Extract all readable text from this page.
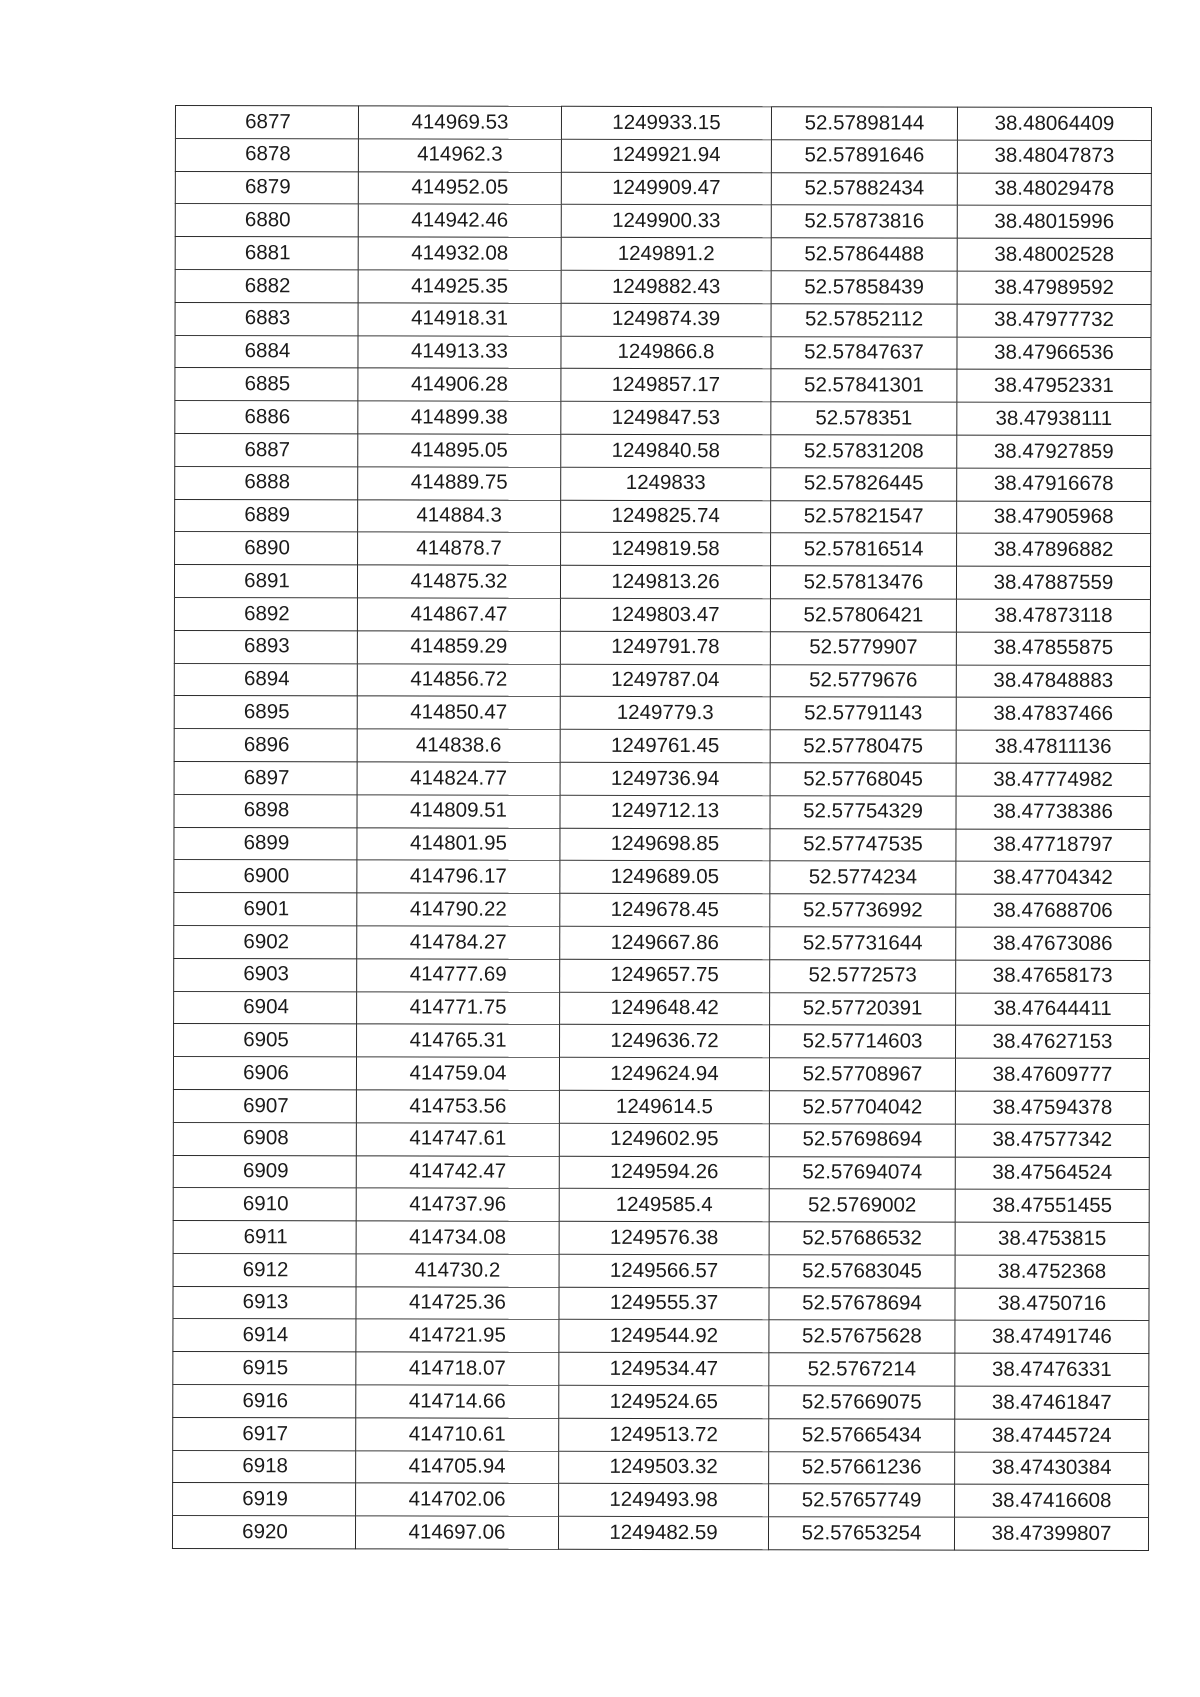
6877	414969.53	1249933.15	52.57898144	38.48064409
6878	414962.3	1249921.94	52.57891646	38.48047873
6879	414952.05	1249909.47	52.57882434	38.48029478
6880	414942.46	1249900.33	52.57873816	38.48015996
6881	414932.08	1249891.2	52.57864488	38.48002528
6882	414925.35	1249882.43	52.57858439	38.47989592
6883	414918.31	1249874.39	52.57852112	38.47977732
6884	414913.33	1249866.8	52.57847637	38.47966536
6885	414906.28	1249857.17	52.57841301	38.47952331
6886	414899.38	1249847.53	52.578351	38.47938111
6887	414895.05	1249840.58	52.57831208	38.47927859
6888	414889.75	1249833	52.57826445	38.47916678
6889	414884.3	1249825.74	52.57821547	38.47905968
6890	414878.7	1249819.58	52.57816514	38.47896882
6891	414875.32	1249813.26	52.57813476	38.47887559
6892	414867.47	1249803.47	52.57806421	38.47873118
6893	414859.29	1249791.78	52.5779907	38.47855875
6894	414856.72	1249787.04	52.5779676	38.47848883
6895	414850.47	1249779.3	52.57791143	38.47837466
6896	414838.6	1249761.45	52.57780475	38.47811136
6897	414824.77	1249736.94	52.57768045	38.47774982
6898	414809.51	1249712.13	52.57754329	38.47738386
6899	414801.95	1249698.85	52.57747535	38.47718797
6900	414796.17	1249689.05	52.5774234	38.47704342
6901	414790.22	1249678.45	52.57736992	38.47688706
6902	414784.27	1249667.86	52.57731644	38.47673086
6903	414777.69	1249657.75	52.5772573	38.47658173
6904	414771.75	1249648.42	52.57720391	38.47644411
6905	414765.31	1249636.72	52.57714603	38.47627153
6906	414759.04	1249624.94	52.57708967	38.47609777
6907	414753.56	1249614.5	52.57704042	38.47594378
6908	414747.61	1249602.95	52.57698694	38.47577342
6909	414742.47	1249594.26	52.57694074	38.47564524
6910	414737.96	1249585.4	52.5769002	38.47551455
6911	414734.08	1249576.38	52.57686532	38.4753815
6912	414730.2	1249566.57	52.57683045	38.4752368
6913	414725.36	1249555.37	52.57678694	38.4750716
6914	414721.95	1249544.92	52.57675628	38.47491746
6915	414718.07	1249534.47	52.5767214	38.47476331
6916	414714.66	1249524.65	52.57669075	38.47461847
6917	414710.61	1249513.72	52.57665434	38.47445724
6918	414705.94	1249503.32	52.57661236	38.47430384
6919	414702.06	1249493.98	52.57657749	38.47416608
6920	414697.06	1249482.59	52.57653254	38.47399807
